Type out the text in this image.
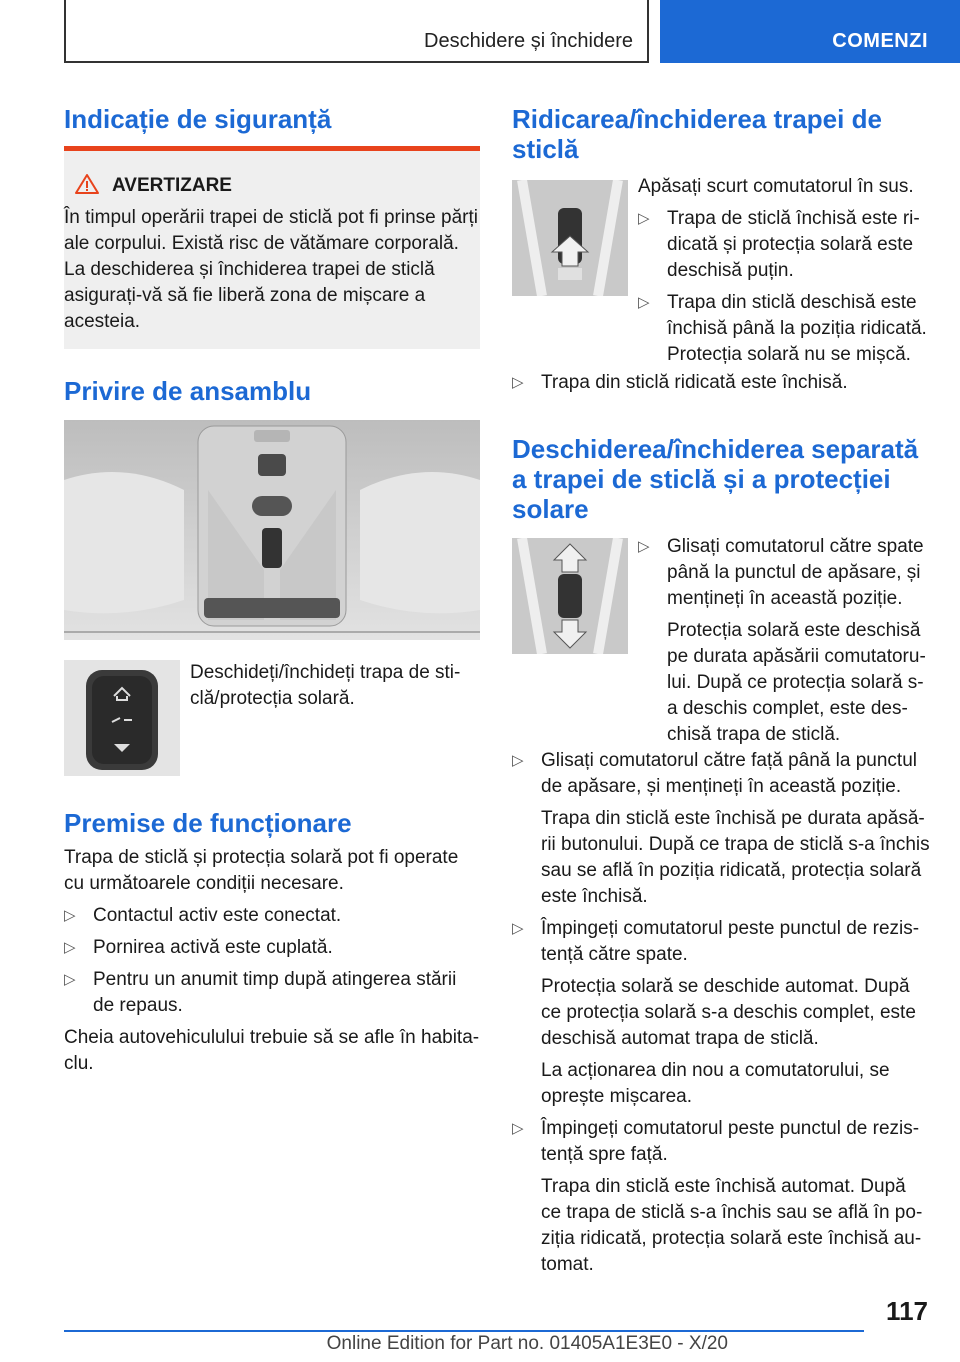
Deschidere și închidere	COMENZI
Indicație de siguranță
AVERTIZARE
În timpul operării trapei de sticlă pot fi prinse părți ale corpului. Există risc de vătămare corporală. La deschiderea și închiderea trapei de sticlă asigurați-vă să fie liberă zona de mișcare a acesteia.
Privire de ansamblu

Deschideți/închideți trapa de sticlă/protecția solară.

Premise de funcționare

Trapa de sticlă și protecția solară pot fi operate cu următoarele condiții necesare.

▷ Contactul activ este conectat.
▷ Pornirea activă este cuplată.
▷ Pentru un anumit timp după atingerea stării de repaus.

Cheia autovehiculului trebuie să se afle în habitaclu.

Ridicarea/închiderea trapei de sticlă

Apăsați scurt comutatorul în sus.

▷ Trapa de sticlă închisă este ridicată și protecția solară este deschisă puțin.
▷ Trapa din sticlă deschisă este închisă până la poziția ridicată. Protecția solară nu se mișcă.
▷ Trapa din sticlă ridicată este închisă.
Deschiderea/închiderea separată a trapei de sticlă și a protecției solare
▷ Glisați comutatorul către spate până la punctul de apăsare, și mențineți în această poziție.

Protecția solară este deschisă pe durata apăsării comutatorului. După ce protecția solară s-a deschis complet, este deschisă trapa de sticlă.

▷ Glisați comutatorul către față până la punctul de apăsare, și mențineți în această poziție.

Trapa din sticlă este închisă pe durata apăsării butonului. După ce trapa de sticlă s-a închis sau se află în poziția ridicată, protecția solară este închisă.

▷ Împingeți comutatorul peste punctul de rezistență către spate.

Protecția solară se deschide automat. După ce protecția solară s-a deschis complet, este deschisă automat trapa de sticlă.

La acționarea din nou a comutatorului, se oprește mișcarea.

▷ Împingeți comutatorul peste punctul de rezistență spre față.

Trapa din sticlă este închisă automat. După ce trapa de sticlă s-a închis sau se află în poziția ridicată, protecția solară este închisă automat.

117
Online Edition for Part no. 01405A1E3E0 - X/20
